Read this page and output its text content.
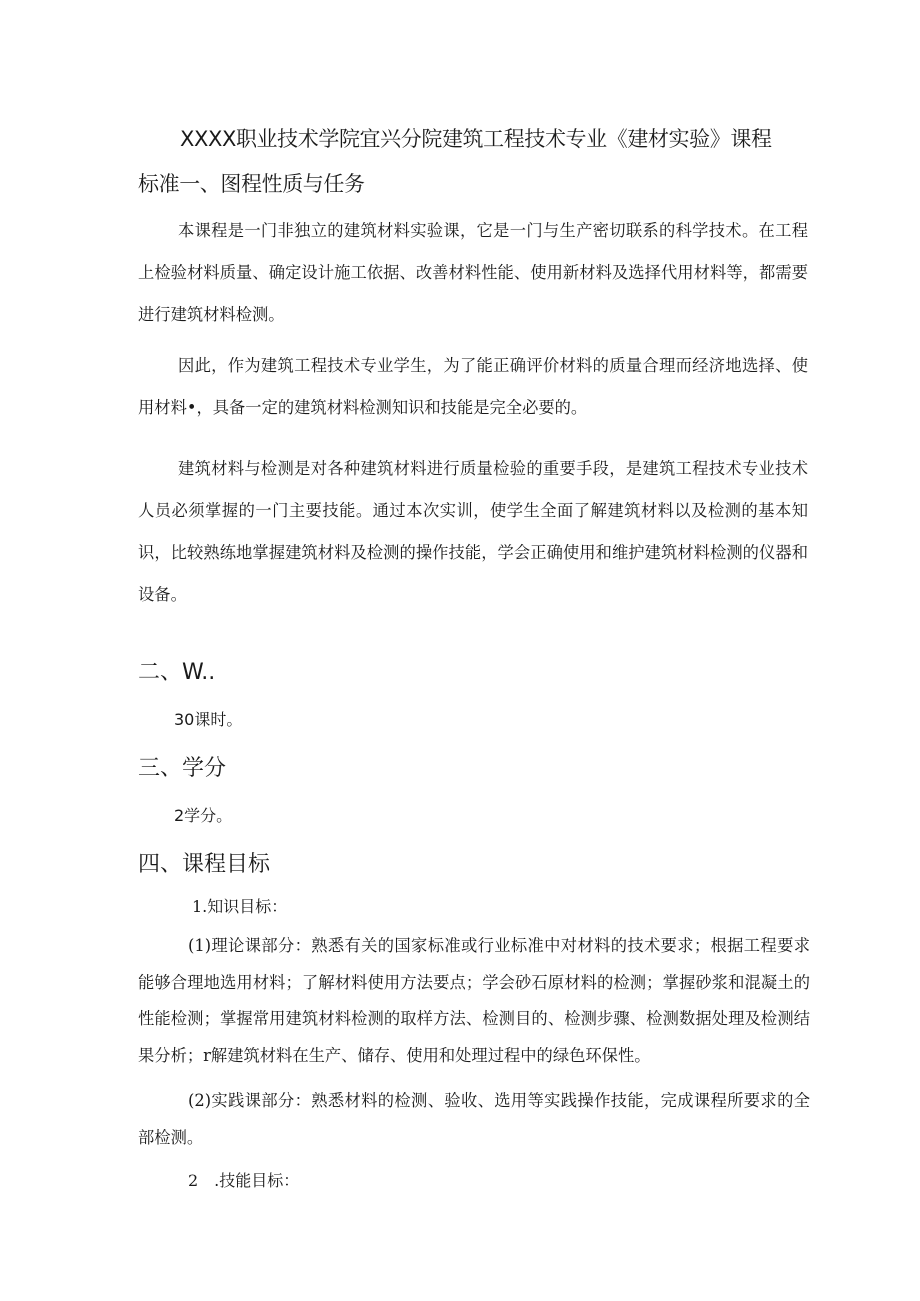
XXXX职业技术学院宜兴分院建筑工程技术专业《建材实验》课程
标准一、图程性质与任务
本课程是一门非独立的建筑材料实验课，它是一门与生产密切联系的科学技术。在工程上检验材料质量、确定设计施工依据、改善材料性能、使用新材料及选择代用材料等，都需要进行建筑材料检测。
因此，作为建筑工程技术专业学生，为了能正确评价材料的质量合理而经济地选择、使用材料•，具备一定的建筑材料检测知识和技能是完全必要的。
建筑材料与检测是对各种建筑材料进行质量检验的重要手段，是建筑工程技术专业技术人员必须掌握的一门主要技能。通过本次实训，使学生全面了解建筑材料以及检测的基本知识，比较熟练地掌握建筑材料及检测的操作技能，学会正确使用和维护建筑材料检测的仪器和设备。
二、W..
30课时。
三、学分
2学分。
四、课程目标
1.知识目标：
(1)理论课部分：熟悉有关的国家标准或行业标准中对材料的技术要求；根据工程要求能够合理地选用材料；了解材料使用方法要点；学会砂石原材料的检测；掌握砂浆和混凝土的性能检测；掌握常用建筑材料检测的取样方法、检测目的、检测步骤、检测数据处理及检测结果分析；r解建筑材料在生产、储存、使用和处理过程中的绿色环保性。
(2)实践课部分：熟悉材料的检测、验收、选用等实践操作技能，完成课程所要求的全部检测。
2　.技能目标：
